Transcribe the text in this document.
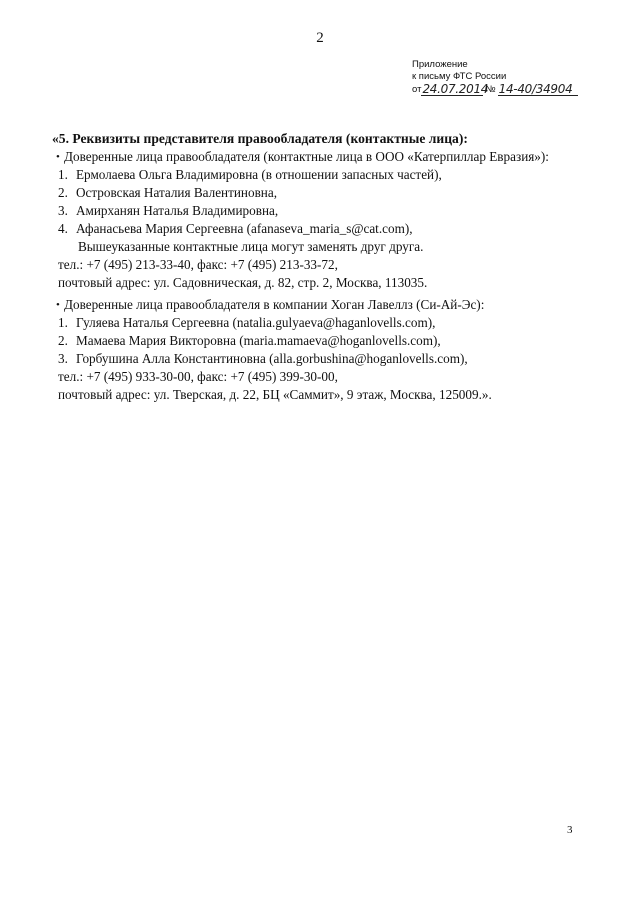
2
Приложение
к письму ФТС России
от 24.07.2014
№ 14-40/34904
«5. Реквизиты представителя правообладателя (контактные лица):
• Доверенные лица правообладателя (контактные лица в ООО «Катерпиллар Евразия»):
1. Ермолаева Ольга Владимировна (в отношении запасных частей),
2. Островская Наталия Валентиновна,
3. Амирханян Наталья Владимировна,
4. Афанасьева Мария Сергеевна (afanaseva_maria_s@cat.com),
Вышеуказанные контактные лица могут заменять друг друга.
тел.: +7 (495) 213-33-40, факс: +7 (495) 213-33-72,
почтовый адрес: ул. Садовническая, д. 82, стр. 2, Москва, 113035.
• Доверенные лица правообладателя в компании Хоган Лавеллз (Си-Ай-Эс):
1. Гуляева Наталья Сергеевна (natalia.gulyaeva@haganlovells.com),
2. Мамаева Мария Викторовна (maria.mamaeva@hoganlovells.com),
3. Горбушина Алла Константиновна (alla.gorbushina@hoganlovells.com),
тел.: +7 (495) 933-30-00, факс: +7 (495) 399-30-00,
почтовый адрес: ул. Тверская, д. 22, БЦ «Саммит», 9 этаж, Москва, 125009.».
3
